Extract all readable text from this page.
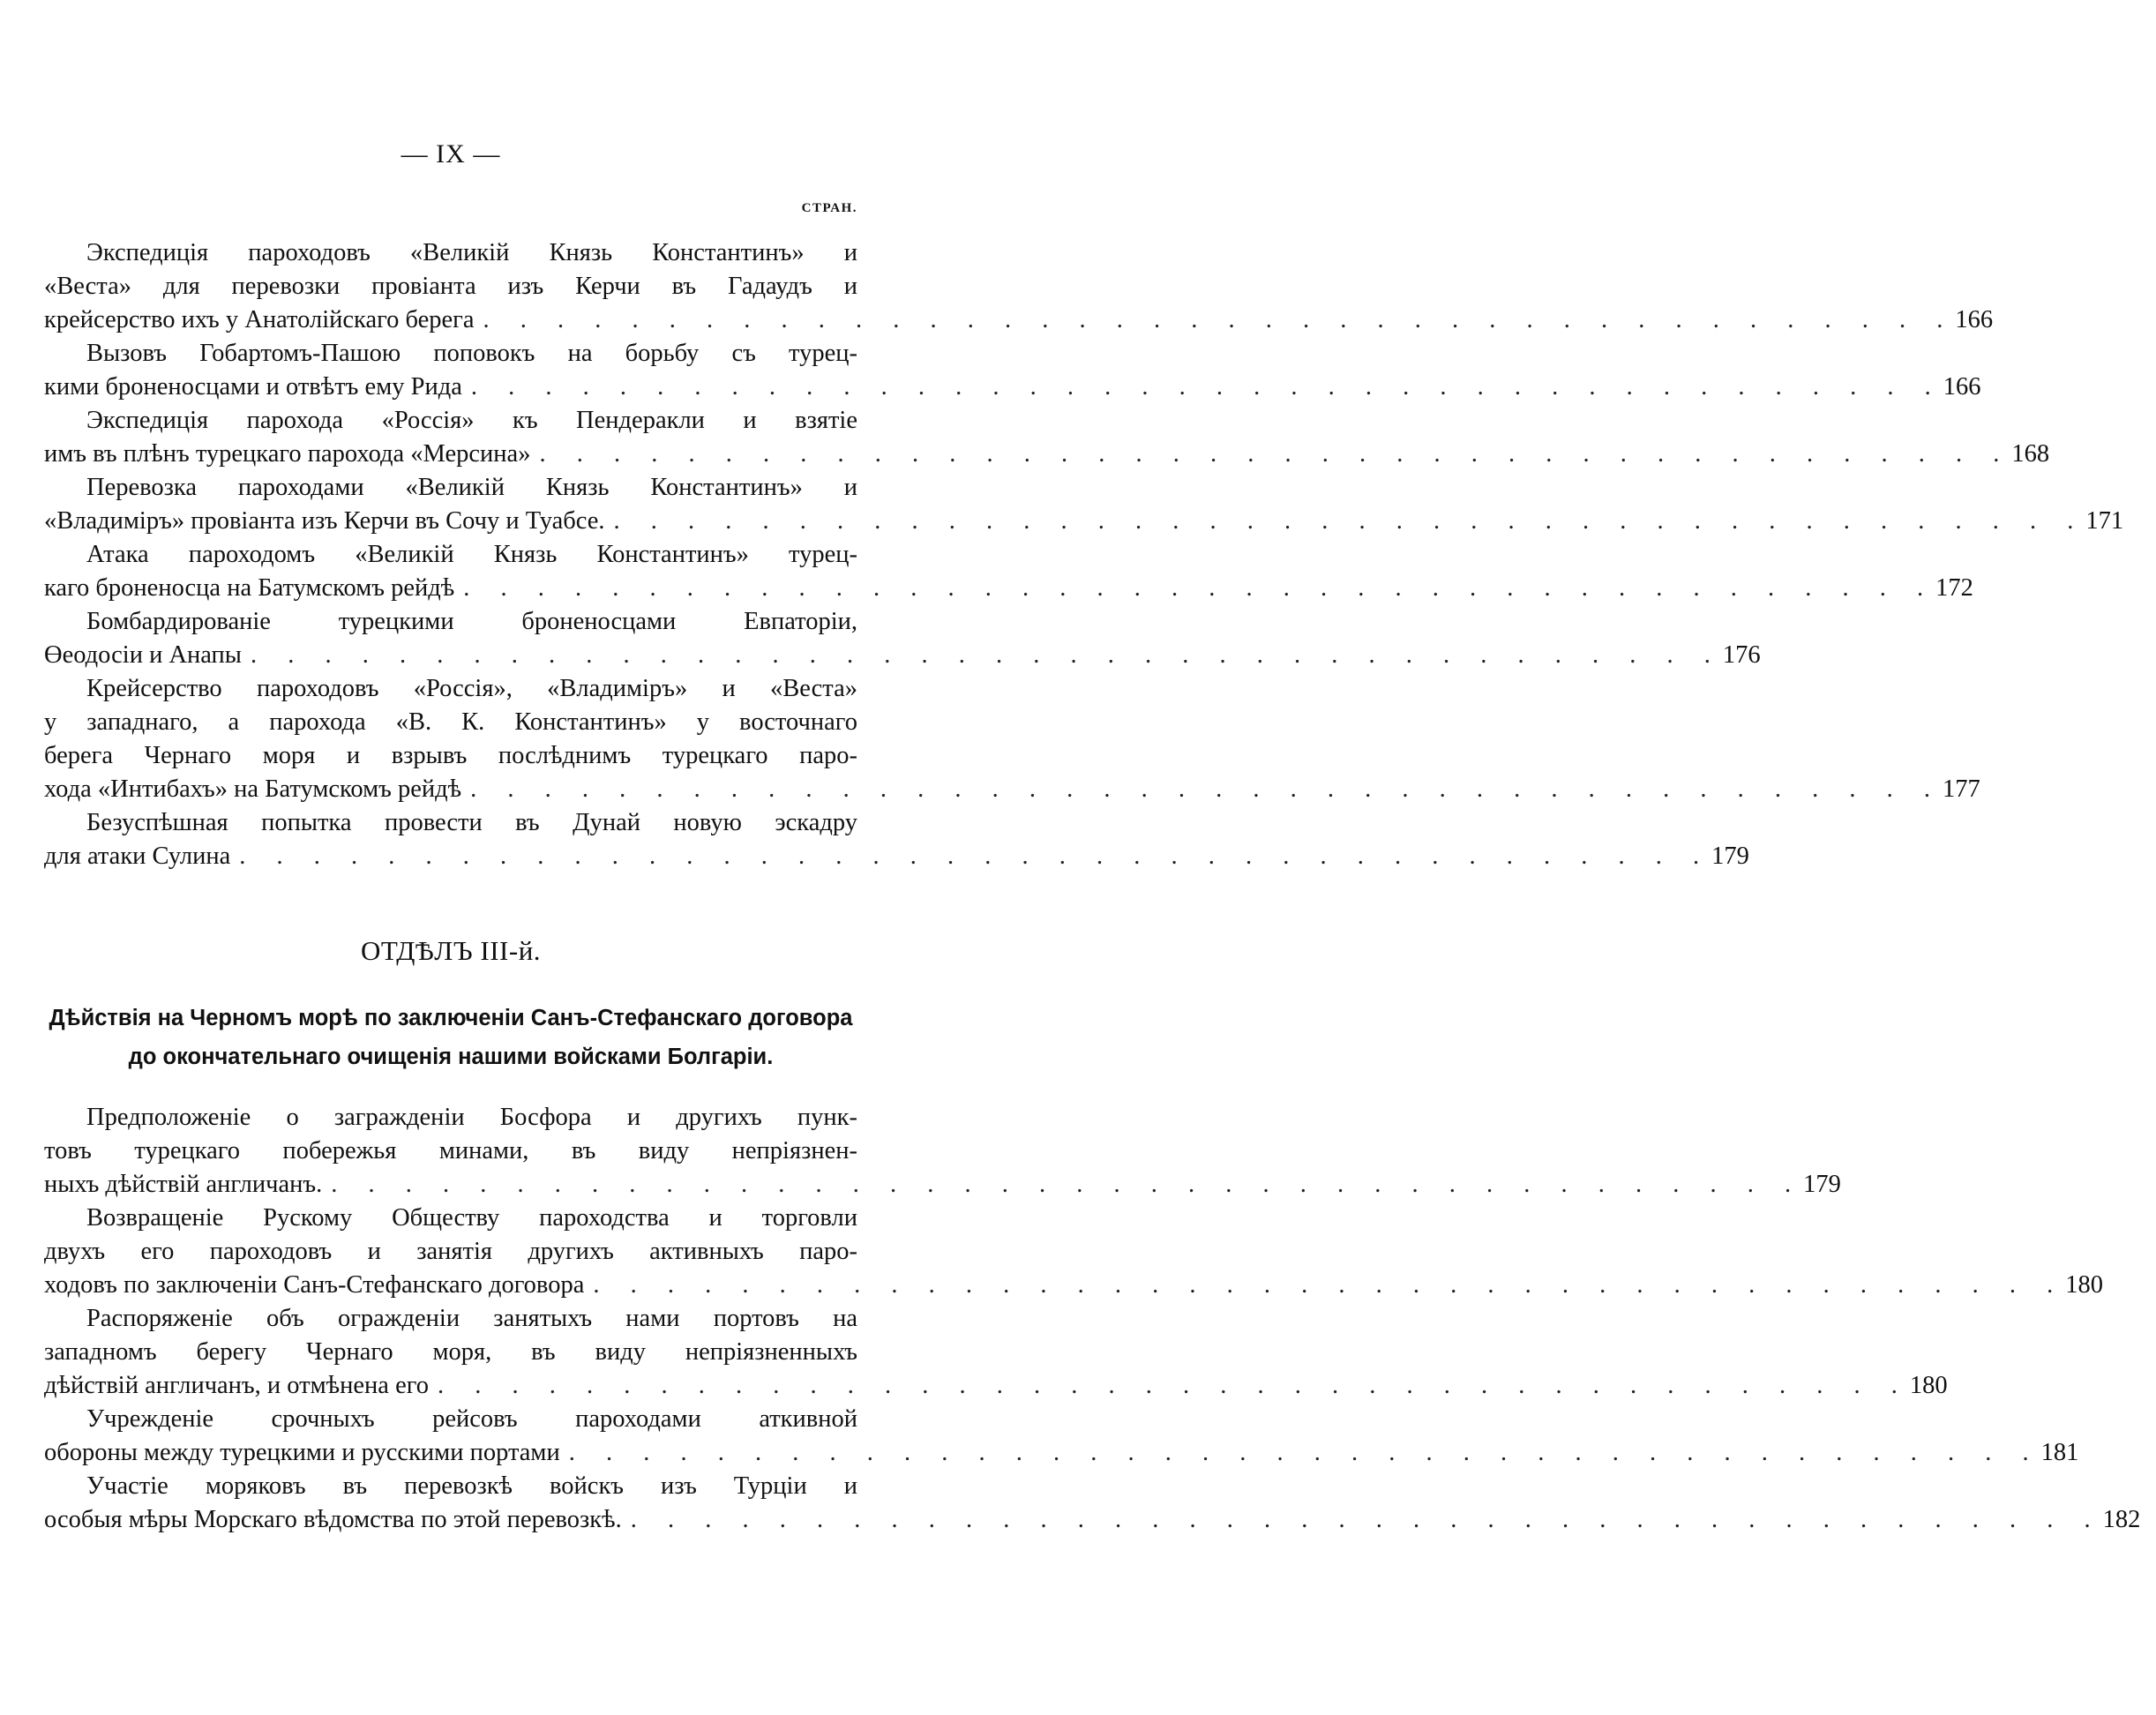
— IX —
СТРАН.
Экспедиція пароходовъ «Великій Князь Константинъ» и
«Веста» для перевозки провіанта изъ Керчи въ Гадаудъ и
крейсерство ихъ у Анатолійскаго берега . . . . . . . . . . . . . . . . . . . . . . . . . . . . . . . . . . . . . . . . 166
Вызовъ Гобартомъ-Пашою поповокъ на борьбу съ турец-
кими броненосцами и отвѣтъ ему Рида . . . . . . . . . . . . . . . . . . . . . . . . . . . . . . . . . . . . . . . . 166
Экспедиція парохода «Россія» къ Пендеракли и взятіе
имъ въ плѣнъ турецкаго парохода «Мерсина» . . . . . . . . . . . . . . . . . . . . . . . . . . . . . . . . . . . . . . . . 168
Перевозка пароходами «Великій Князь Константинъ» и
«Владиміръ» провіанта изъ Керчи въ Сочу и Туабсе. . . . . . . . . . . . . . . . . . . . . . . . . . . . . . . . . . . . . . . . . 171
Атака пароходомъ «Великій Князь Константинъ» турец-
каго броненосца на Батумскомъ рейдѣ . . . . . . . . . . . . . . . . . . . . . . . . . . . . . . . . . . . . . . . . 172
Бомбардированіе турецкими броненосцами Евпаторіи,
Өеодосіи и Анапы . . . . . . . . . . . . . . . . . . . . . . . . . . . . . . . . . . . . . . . . 176
Крейсерство пароходовъ «Россія», «Владиміръ» и «Веста»
у западнаго, а парохода «В. К. Константинъ» у восточнаго
берега Чернаго моря и взрывъ послѣднимъ турецкаго паро-
хода «Интибахъ» на Батумскомъ рейдѣ . . . . . . . . . . . . . . . . . . . . . . . . . . . . . . . . . . . . . . . . 177
Безуспѣшная попытка провести въ Дунай новую эскадру
для атаки Сулина . . . . . . . . . . . . . . . . . . . . . . . . . . . . . . . . . . . . . . . . 179
ОТДѢЛЪ III-й.
Дѣйствія на Черномъ морѣ по заключеніи Санъ-Стефанскаго договора
до окончательнаго очищенія нашими войсками Болгаріи.
Предположеніе о загражденіи Босфора и другихъ пунк-
товъ турецкаго побережья минами, въ виду непріязнен-
ныхъ дѣйствій англичанъ. . . . . . . . . . . . . . . . . . . . . . . . . . . . . . . . . . . . . . . . . 179
Возвращеніе Рускому Обществу пароходства и торговли
двухъ его пароходовъ и занятія другихъ активныхъ паро-
ходовъ по заключеніи Санъ-Стефанскаго договора . . . . . . . . . . . . . . . . . . . . . . . . . . . . . . . . . . . . . . . . 180
Распоряженіе объ огражденіи занятыхъ нами портовъ на
западномъ берегу Чернаго моря, въ виду непріязненныхъ
дѣйствій англичанъ, и отмѣнена его . . . . . . . . . . . . . . . . . . . . . . . . . . . . . . . . . . . . . . . . 180
Учрежденіе срочныхъ рейсовъ пароходами аткивной
обороны между турецкими и русскими портами . . . . . . . . . . . . . . . . . . . . . . . . . . . . . . . . . . . . . . . . 181
Участіе моряковъ въ перевозкѣ войскъ изъ Турціи и
особыя мѣры Морскаго вѣдомства по этой перевозкѣ. . . . . . . . . . . . . . . . . . . . . . . . . . . . . . . . . . . . . . . . . 182
